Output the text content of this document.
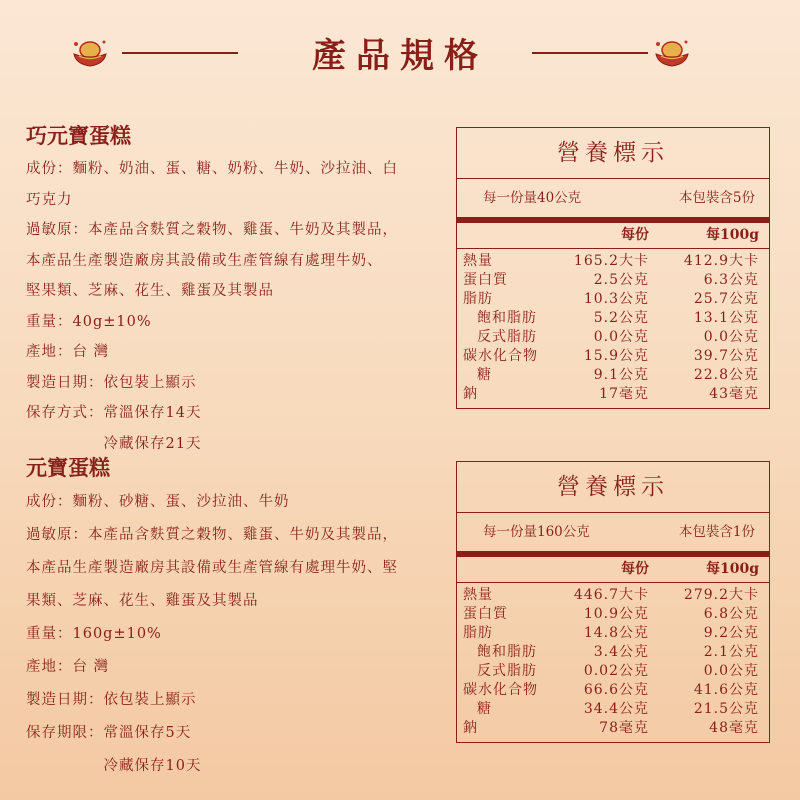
產品規格
巧元寶蛋糕
成份：麵粉、奶油、蛋、糖、奶粉、牛奶、沙拉油、白
巧克力
過敏原：本產品含麩質之穀物、雞蛋、牛奶及其製品，
本產品生產製造廠房其設備或生產管線有處理牛奶、
堅果類、芝麻、花生、雞蛋及其製品
重量：40g±10%
產地：台 灣
製造日期：依包裝上顯示
保存方式：常溫保存14天
　　　　　冷藏保存21天
營養標示
每一份量40公克	本包裝含5份
每份	每100g
熱量	165.2大卡	412.9大卡
蛋白質	2.5公克	6.3公克
脂肪	10.3公克	25.7公克
飽和脂肪	5.2公克	13.1公克
反式脂肪	0.0公克	0.0公克
碳水化合物	15.9公克	39.7公克
糖	9.1公克	22.8公克
鈉	17毫克	43毫克
元寶蛋糕
成份：麵粉、砂糖、蛋、沙拉油、牛奶
過敏原：本產品含麩質之穀物、雞蛋、牛奶及其製品，
本產品生產製造廠房其設備或生產管線有處理牛奶、堅
果類、芝麻、花生、雞蛋及其製品
重量：160g±10%
產地：台 灣
製造日期：依包裝上顯示
保存期限：常溫保存5天
　　　　　冷藏保存10天
營養標示
每一份量160公克	本包裝含1份
每份	每100g
熱量	446.7大卡	279.2大卡
蛋白質	10.9公克	6.8公克
脂肪	14.8公克	9.2公克
飽和脂肪	3.4公克	2.1公克
反式脂肪	0.02公克	0.0公克
碳水化合物	66.6公克	41.6公克
糖	34.4公克	21.5公克
鈉	78毫克	48毫克
